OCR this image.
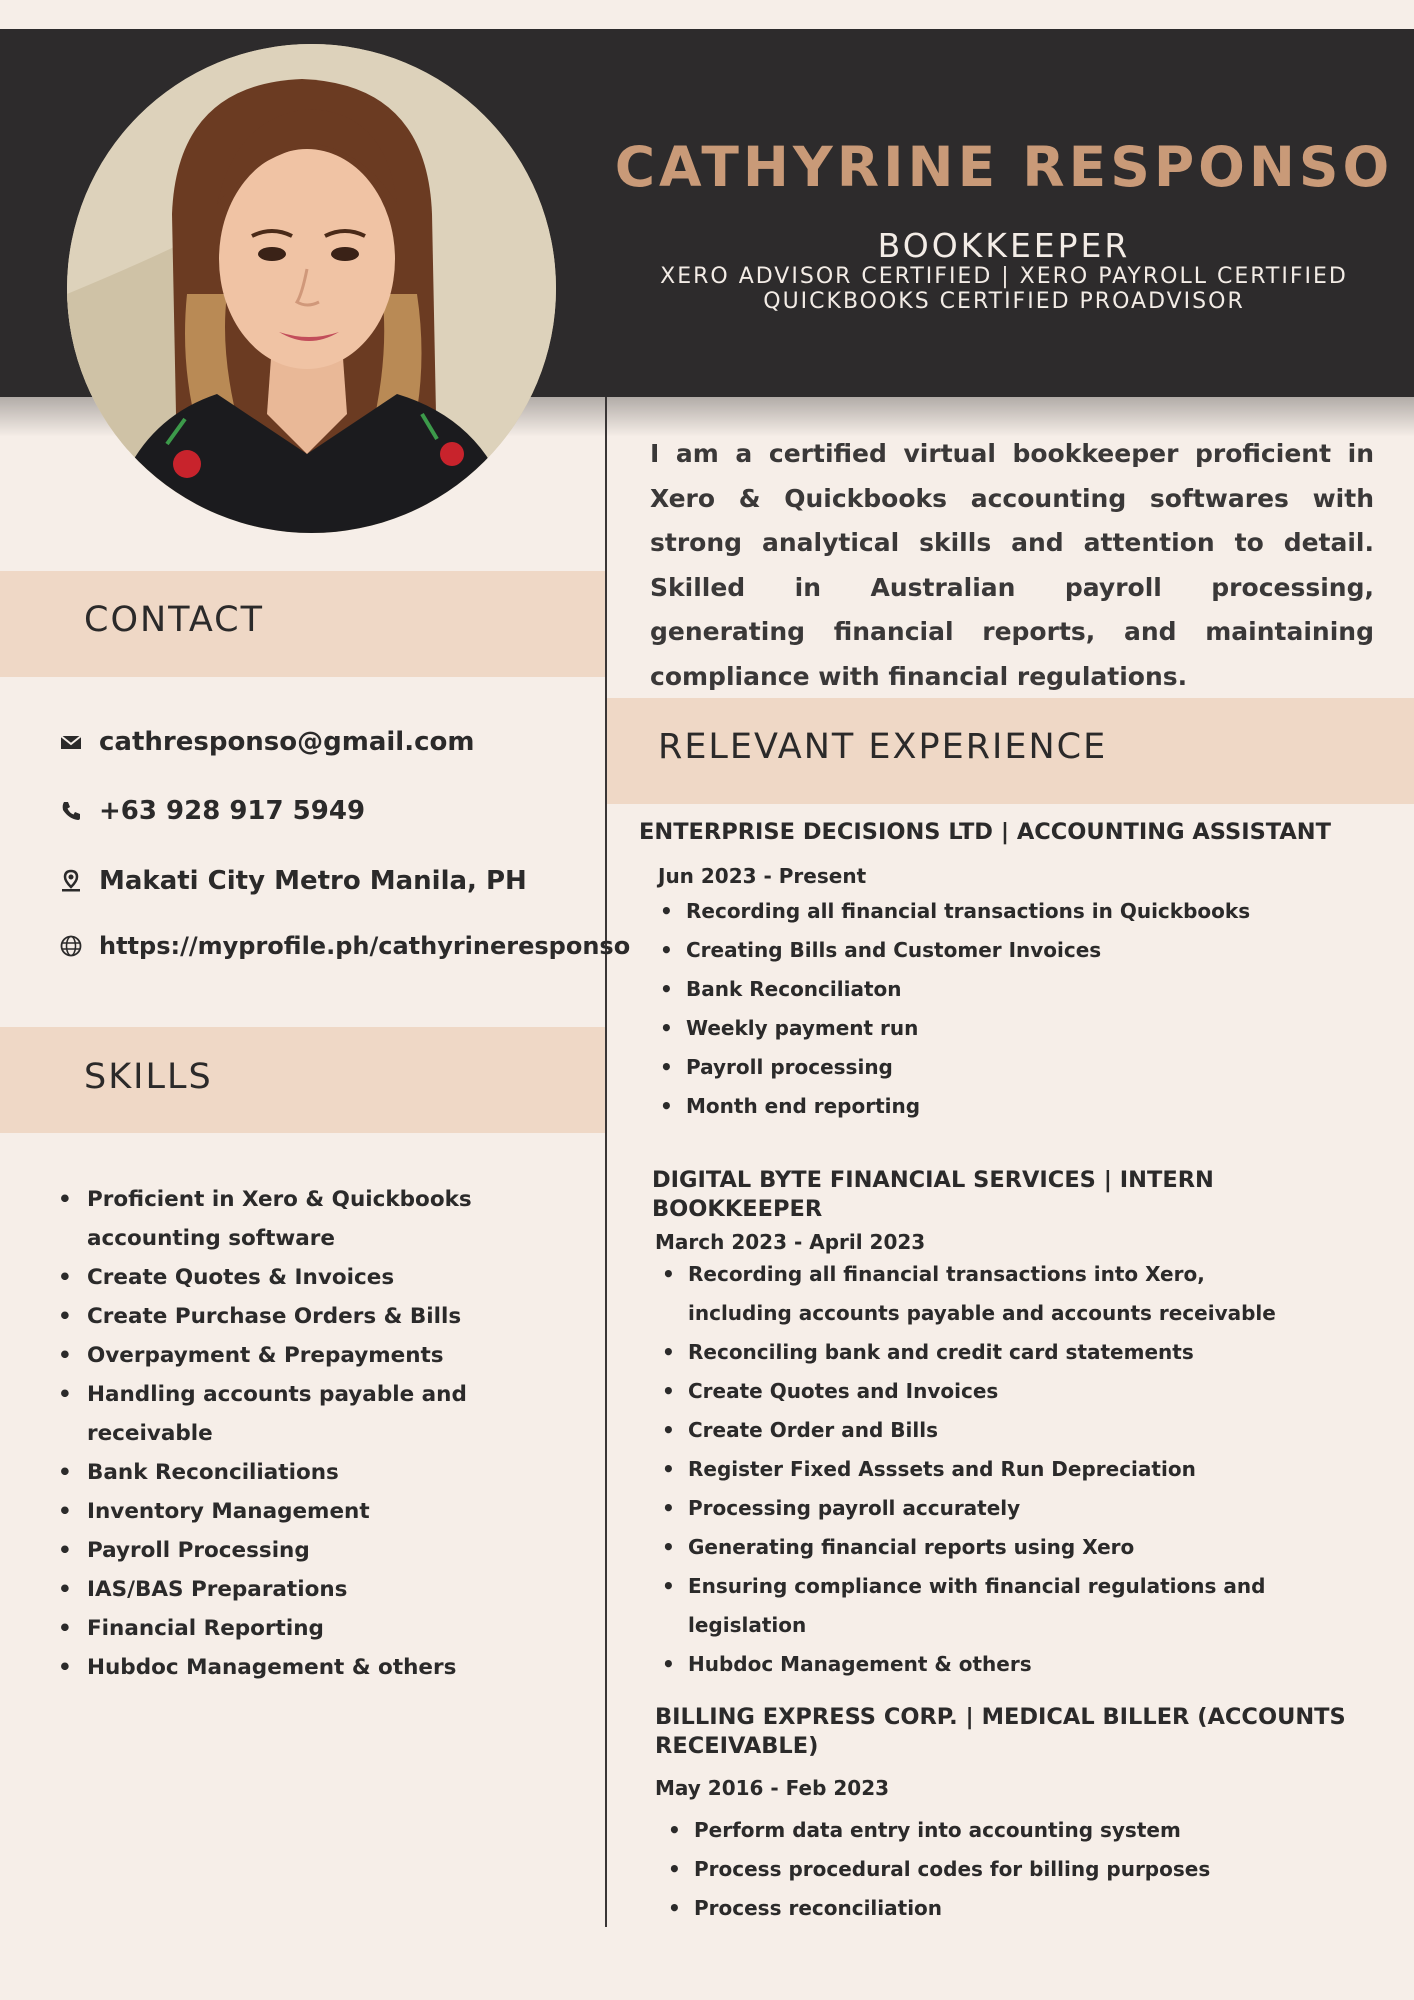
CATHYRINE RESPONSO
BOOKKEEPER
XERO ADVISOR CERTIFIED | XERO PAYROLL CERTIFIED
QUICKBOOKS CERTIFIED PROADVISOR
CONTACT
cathresponso@gmail.com
+63 928 917 5949
Makati City Metro Manila, PH
https://myprofile.ph/cathyrineresponso
SKILLS
• Proficient in Xero & Quickbooks accounting software
• Create Quotes & Invoices
• Create Purchase Orders & Bills
• Overpayment & Prepayments
• Handling accounts payable and receivable
• Bank Reconciliations
• Inventory Management
• Payroll Processing
• IAS/BAS Preparations
• Financial Reporting
• Hubdoc Management & others
I am a certified virtual bookkeeper proficient in Xero & Quickbooks accounting softwares with strong analytical skills and attention to detail. Skilled in Australian payroll processing, generating financial reports, and maintaining compliance with financial regulations.
RELEVANT EXPERIENCE
ENTERPRISE DECISIONS LTD | ACCOUNTING ASSISTANT
Jun 2023 - Present
• Recording all financial transactions in Quickbooks
• Creating Bills and Customer Invoices
• Bank Reconciliaton
• Weekly payment run
• Payroll processing
• Month end reporting
DIGITAL BYTE FINANCIAL SERVICES | INTERN BOOKKEEPER
March 2023 - April 2023
• Recording all financial transactions into Xero, including accounts payable and accounts receivable
• Reconciling bank and credit card statements
• Create Quotes and Invoices
• Create Order and Bills
• Register Fixed Asssets and Run Depreciation
• Processing payroll accurately
• Generating financial reports using Xero
• Ensuring compliance with financial regulations and legislation
• Hubdoc Management & others
BILLING EXPRESS CORP. | MEDICAL BILLER (ACCOUNTS RECEIVABLE)
May 2016 - Feb 2023
• Perform data entry into accounting system
• Process procedural codes for billing purposes
• Process reconciliation
